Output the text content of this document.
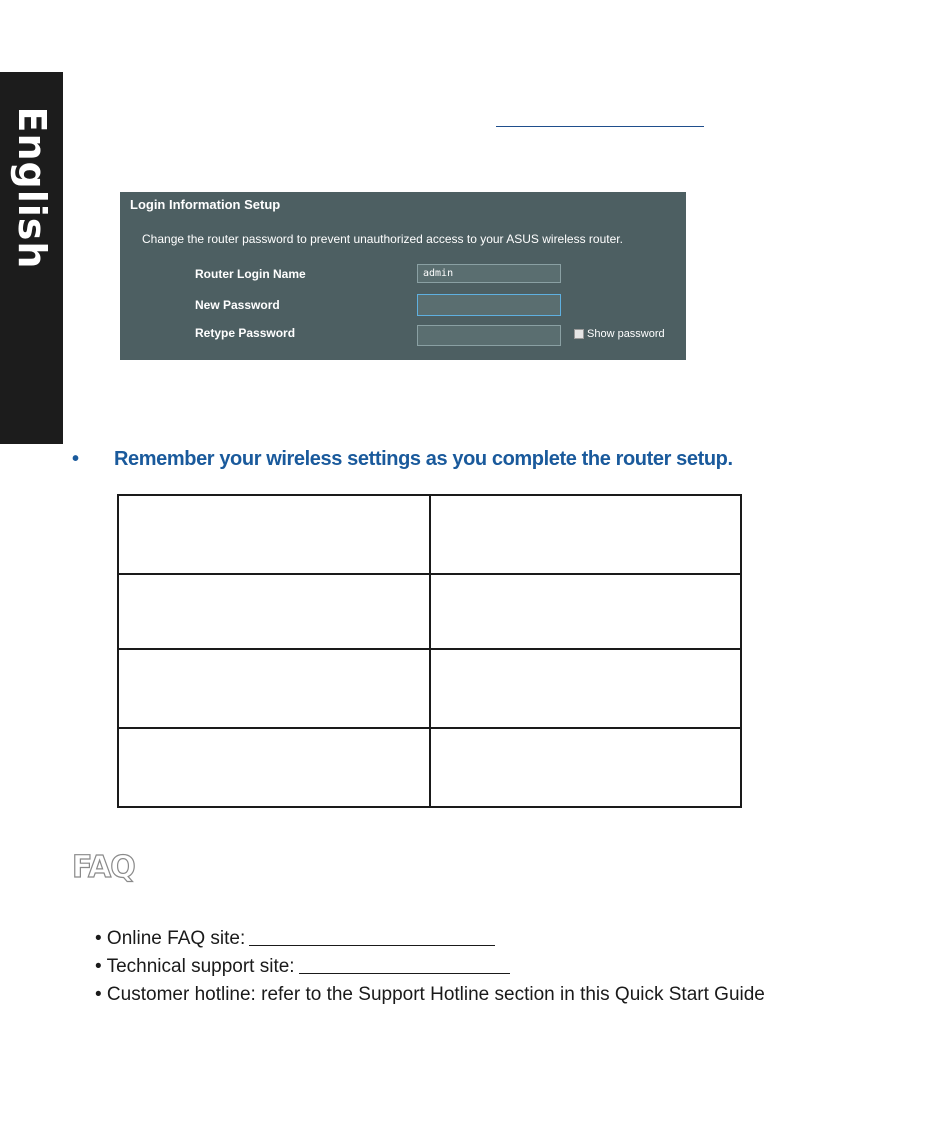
English	Login Information Setup
Change the router password to prevent unauthorized access to your ASUS wireless router.
Router Login Name	admin
New Password
Retype Password	Show password
•	Remember your wireless settings as you complete the router setup.

FAQ
• Online FAQ site:
• Technical support site:
• Customer hotline: refer to the Support Hotline section in this Quick Start Guide
